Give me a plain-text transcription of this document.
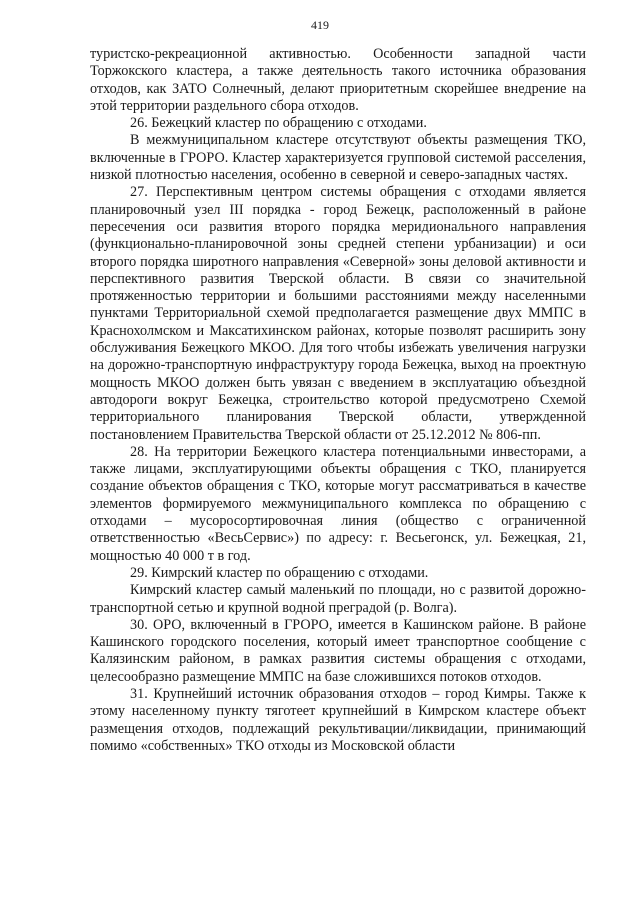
419

туристско-рекреационной активностью. Особенности западной части Торжокского кластера, а также деятельность такого источника образования отходов, как ЗАТО Солнечный, делают приоритетным скорейшее внедрение на этой территории раздельного сбора отходов.

26. Бежецкий кластер по обращению с отходами.

В межмуниципальном кластере отсутствуют объекты размещения ТКО, включенные в ГРОРО. Кластер характеризуется групповой системой расселения, низкой плотностью населения, особенно в северной и северо-западных частях.

27. Перспективным центром системы обращения с отходами является планировочный узел III порядка - город Бежецк, расположенный в районе пересечения оси развития второго порядка меридионального направления (функционально-планировочной зоны средней степени урбанизации) и оси второго порядка широтного направления «Северной» зоны деловой активности и перспективного развития Тверской области. В связи со значительной протяженностью территории и большими расстояниями между населенными пунктами Территориальной схемой предполагается размещение двух ММПС в Краснохолмском и Максатихинском районах, которые позволят расширить зону обслуживания Бежецкого МКОО. Для того чтобы избежать увеличения нагрузки на дорожно-транспортную инфраструктуру города Бежецка, выход на проектную мощность МКОО должен быть увязан с введением в эксплуатацию объездной автодороги вокруг Бежецка, строительство которой предусмотрено Схемой территориального планирования Тверской области, утвержденной постановлением Правительства Тверской области от 25.12.2012 № 806-пп.

28. На территории Бежецкого кластера потенциальными инвесторами, а также лицами, эксплуатирующими объекты обращения с ТКО, планируется создание объектов обращения с ТКО, которые могут рассматриваться в качестве элементов формируемого межмуниципального комплекса по обращению с отходами – мусоросортировочная линия (общество с ограниченной ответственностью «ВесьСервис») по адресу: г. Весьегонск, ул. Бежецкая, 21, мощностью 40 000 т в год.

29. Кимрский кластер по обращению с отходами.

Кимрский кластер самый маленький по площади, но с развитой дорожно-транспортной сетью и крупной водной преградой (р. Волга).

30. ОРО, включенный в ГРОРО, имеется в Кашинском районе. В районе Кашинского городского поселения, который имеет транспортное сообщение с Калязинским районом, в рамках развития системы обращения с отходами, целесообразно размещение ММПС на базе сложившихся потоков отходов.

31. Крупнейший источник образования отходов – город Кимры. Также к этому населенному пункту тяготеет крупнейший в Кимрском кластере объект размещения отходов, подлежащий рекультивации/ликвидации, принимающий помимо «собственных» ТКО отходы из Московской области
